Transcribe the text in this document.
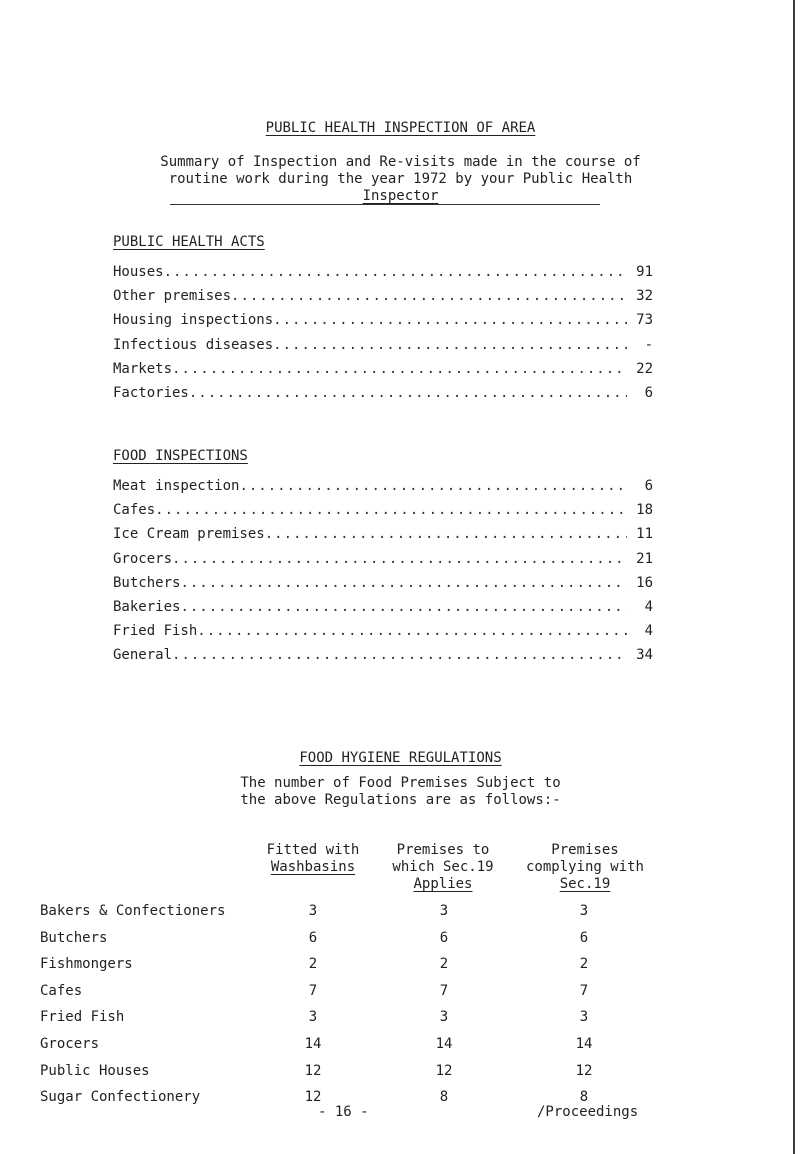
PUBLIC HEALTH INSPECTION OF AREA
Summary of Inspection and Re-visits made in the course of
routine work during the year 1972 by your Public Health
Inspector
PUBLIC HEALTH ACTS
Houses .....	91
Other premises .....	32
Housing inspections .....	73
Infectious diseases .....	-
Markets .....	22
Factories .....	6
FOOD INSPECTIONS
Meat inspection .....	6
Cafes .....	18
Ice Cream premises .....	11
Grocers .....	21
Butchers .....	16
Bakeries .....	4
Fried Fish .....	4
General .....	34
FOOD HYGIENE REGULATIONS
The number of Food Premises Subject to
the above Regulations are as follows:-
Fitted with
Washbasins
Premises to
which Sec.19
Applies
Premises
complying with
Sec.19
Bakers & Confectioners	3	3	3
Butchers	6	6	6
Fishmongers	2	2	2
Cafes	7	7	7
Fried Fish	3	3	3
Grocers	14	14	14
Public Houses	12	12	12
Sugar Confectionery	12	8	8
- 16 -	/Proceedings
